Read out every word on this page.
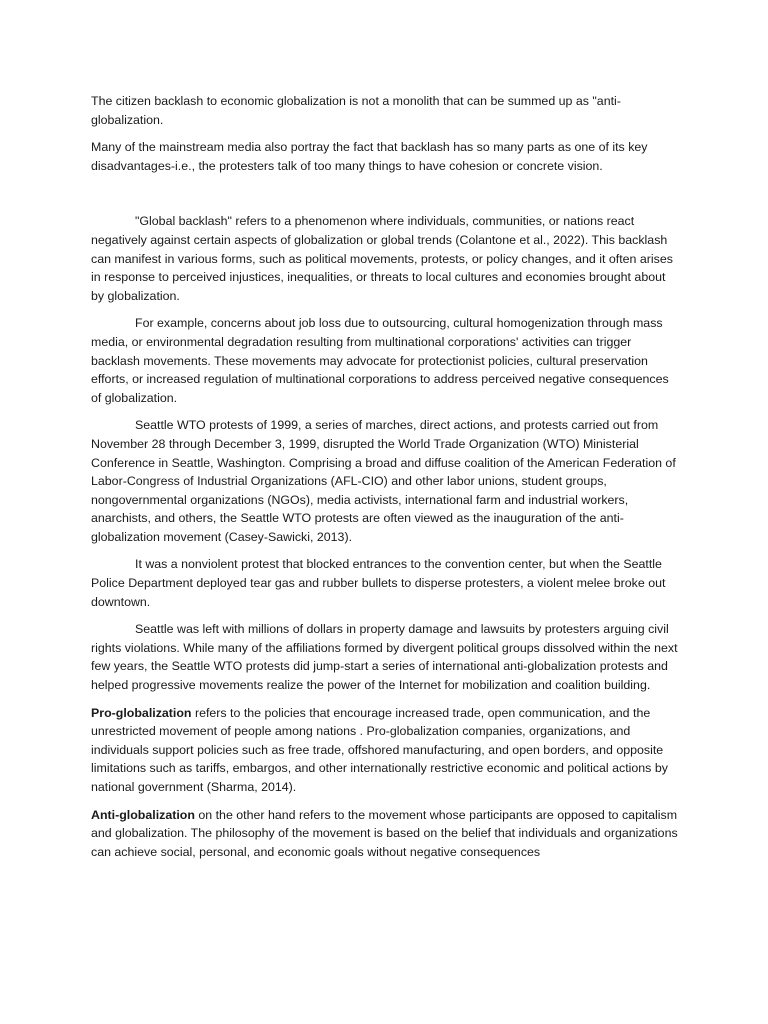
The citizen backlash to economic globalization is not a monolith that can be summed up as "anti-globalization.

Many of the mainstream media also portray the fact that backlash has so many parts as one of its key disadvantages-i.e., the protesters talk of too many things to have cohesion or concrete vision.

"Global backlash" refers to a phenomenon where individuals, communities, or nations react negatively against certain aspects of globalization or global trends (Colantone et al., 2022). This backlash can manifest in various forms, such as political movements, protests, or policy changes, and it often arises in response to perceived injustices, inequalities, or threats to local cultures and economies brought about by globalization.

For example, concerns about job loss due to outsourcing, cultural homogenization through mass media, or environmental degradation resulting from multinational corporations' activities can trigger backlash movements. These movements may advocate for protectionist policies, cultural preservation efforts, or increased regulation of multinational corporations to address perceived negative consequences of globalization.

Seattle WTO protests of 1999, a series of marches, direct actions, and protests carried out from November 28 through December 3, 1999, disrupted the World Trade Organization (WTO) Ministerial Conference in Seattle, Washington. Comprising a broad and diffuse coalition of the American Federation of Labor-Congress of Industrial Organizations (AFL-CIO) and other labor unions, student groups, nongovernmental organizations (NGOs), media activists, international farm and industrial workers, anarchists, and others, the Seattle WTO protests are often viewed as the inauguration of the anti-globalization movement (Casey-Sawicki, 2013).

It was a nonviolent protest that blocked entrances to the convention center, but when the Seattle Police Department deployed tear gas and rubber bullets to disperse protesters, a violent melee broke out downtown.

Seattle was left with millions of dollars in property damage and lawsuits by protesters arguing civil rights violations. While many of the affiliations formed by divergent political groups dissolved within the next few years, the Seattle WTO protests did jump-start a series of international anti-globalization protests and helped progressive movements realize the power of the Internet for mobilization and coalition building.

Pro-globalization refers to the policies that encourage increased trade, open communication, and the unrestricted movement of people among nations . Pro-globalization companies, organizations, and individuals support policies such as free trade, offshored manufacturing, and open borders, and opposite limitations such as tariffs, embargos, and other internationally restrictive economic and political actions by national government (Sharma, 2014).

Anti-globalization on the other hand refers to the movement whose participants are opposed to capitalism and globalization. The philosophy of the movement is based on the belief that individuals and organizations can achieve social, personal, and economic goals without negative consequences
